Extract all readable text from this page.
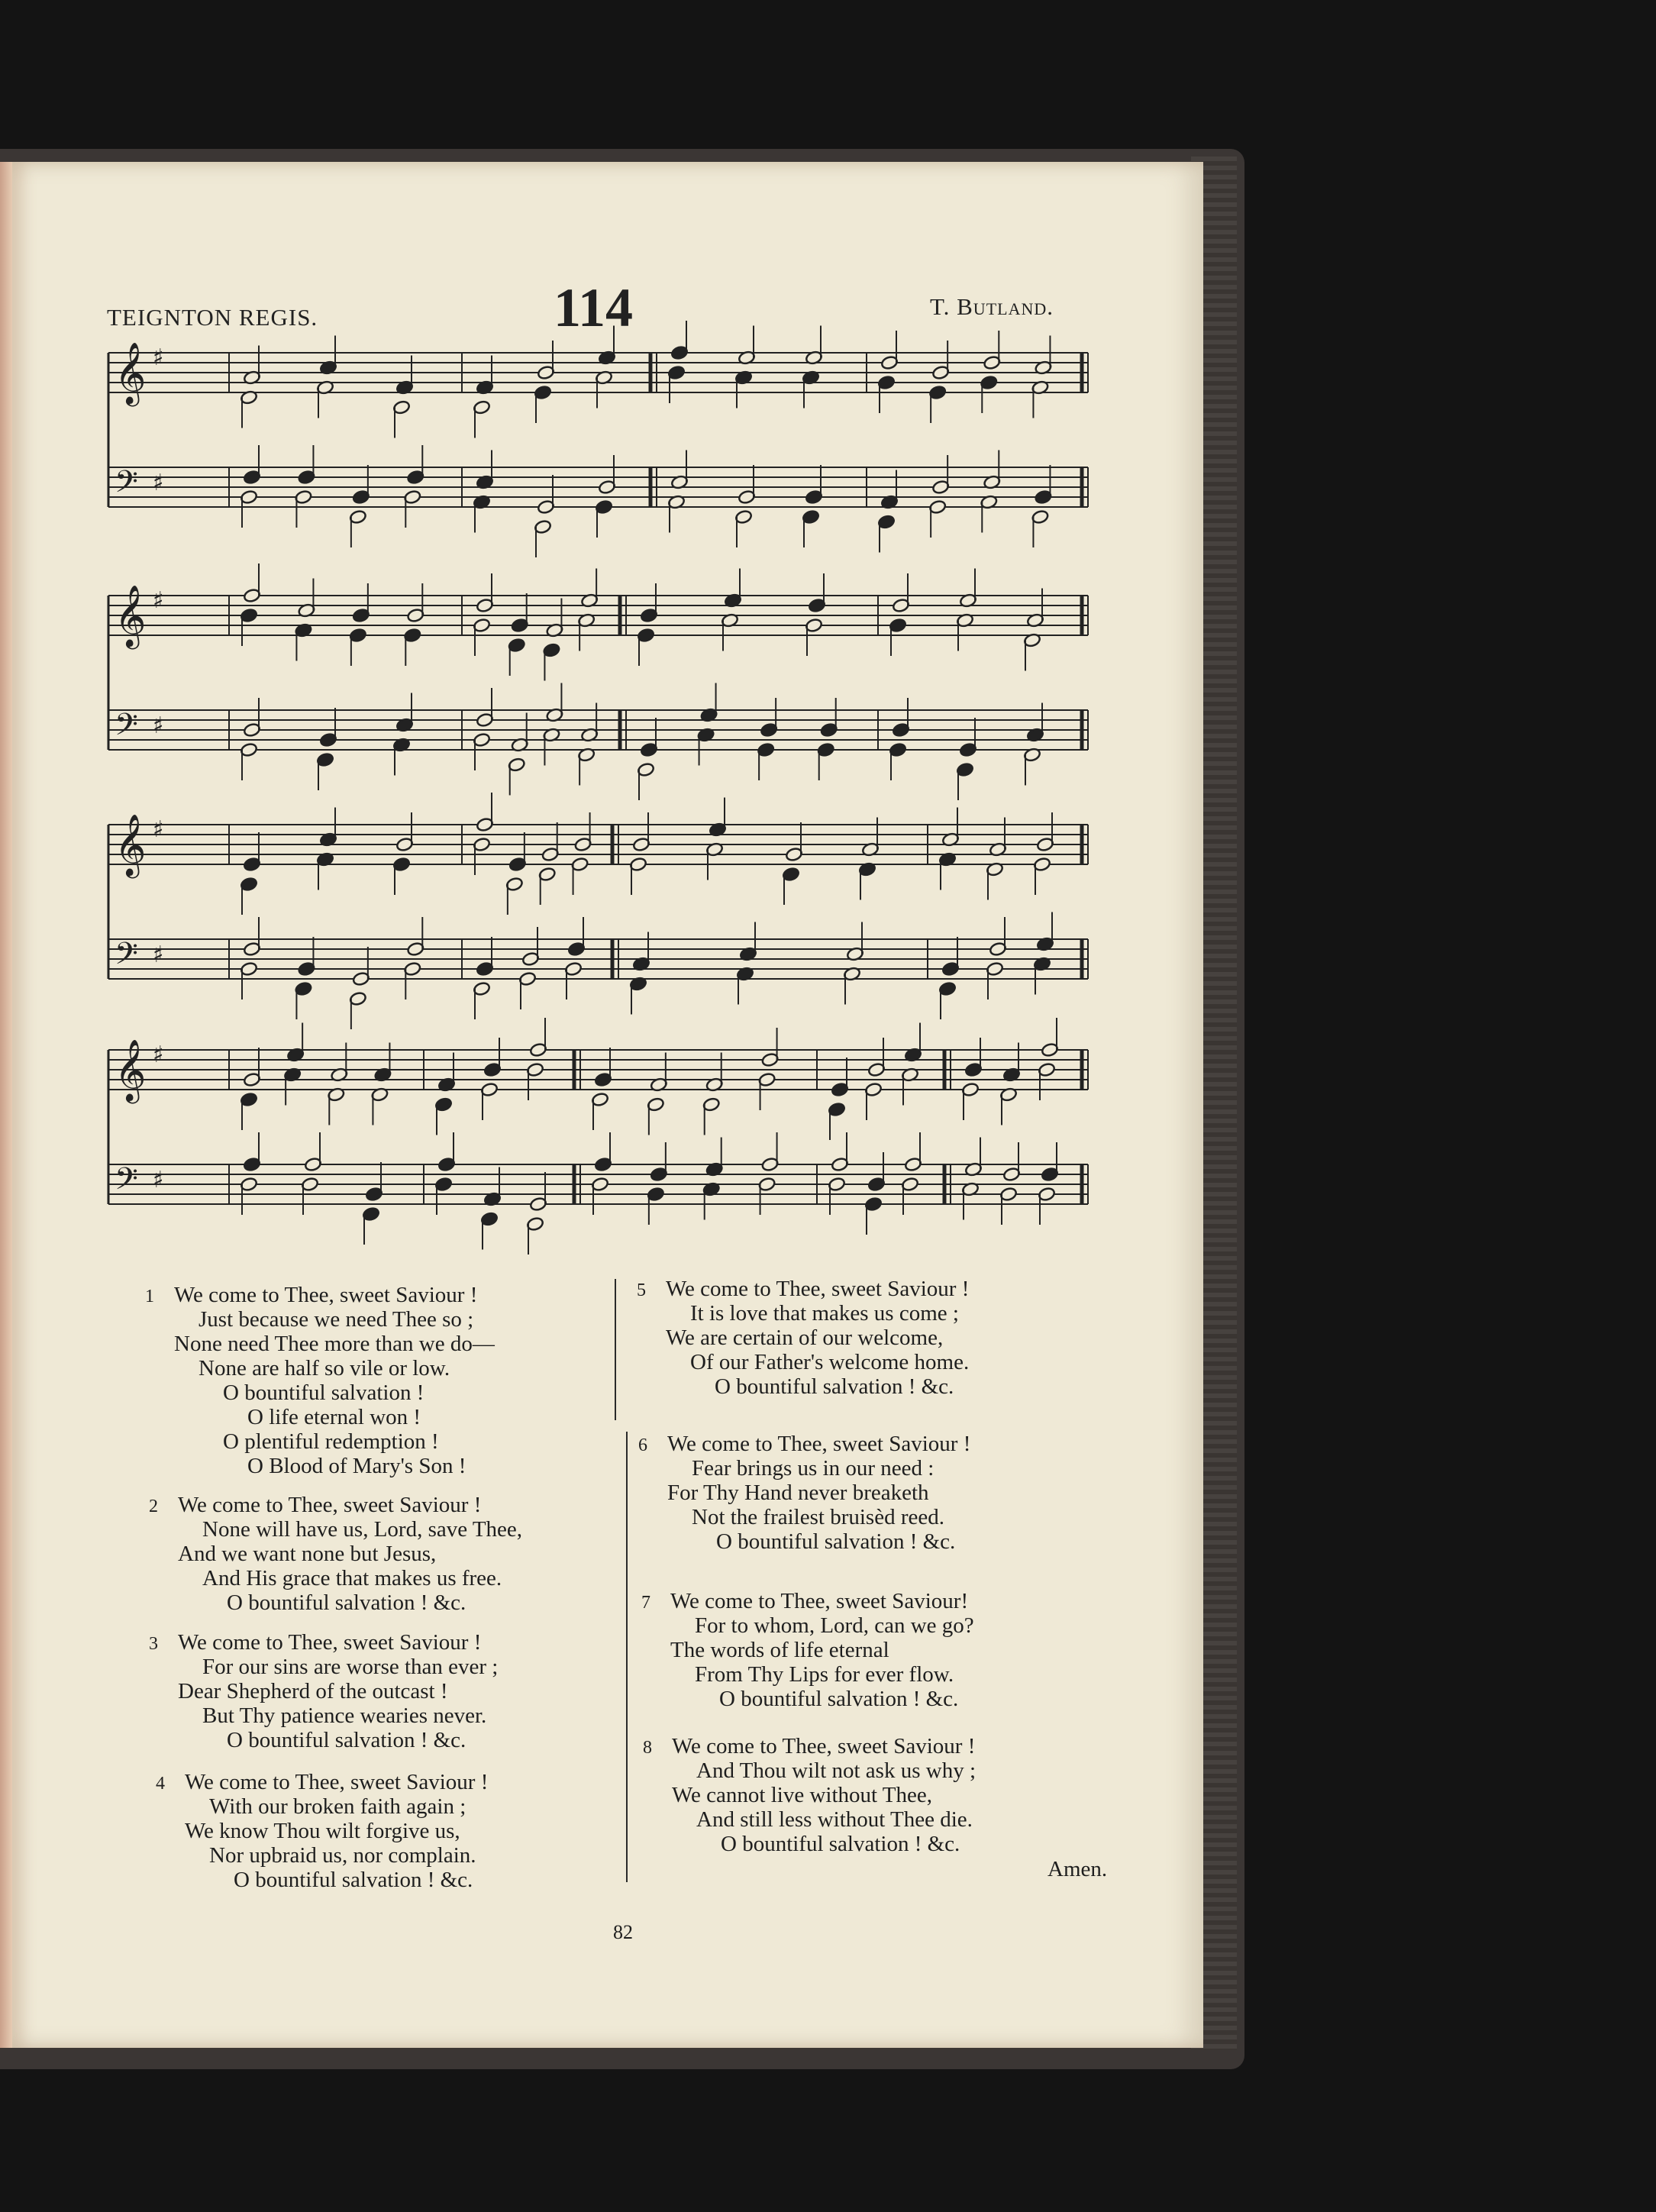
TEIGNTON REGIS.	114	T. Butland.
𝄞 ♯
𝄢 ♯
𝄞 ♯
𝄢 ♯
𝄞 ♯
𝄢 ♯
𝄞 ♯
𝄢 ♯
1 We come to Thee, sweet Saviour !
Just because we need Thee so ;
None need Thee more than we do—
None are half so vile or low.
O bountiful salvation !
O life eternal won !
O plentiful redemption !
O Blood of Mary's Son !
2 We come to Thee, sweet Saviour !
None will have us, Lord, save Thee,
And we want none but Jesus,
And His grace that makes us free.
O bountiful salvation ! &c.
3 We come to Thee, sweet Saviour !
For our sins are worse than ever ;
Dear Shepherd of the outcast !
But Thy patience wearies never.
O bountiful salvation ! &c.
4 We come to Thee, sweet Saviour !
With our broken faith again ;
We know Thou wilt forgive us,
Nor upbraid us, nor complain.
O bountiful salvation ! &c.
5 We come to Thee, sweet Saviour !
It is love that makes us come ;
We are certain of our welcome,
Of our Father's welcome home.
O bountiful salvation ! &c.
6 We come to Thee, sweet Saviour !
Fear brings us in our need :
For Thy Hand never breaketh
Not the frailest bruisèd reed.
O bountiful salvation ! &c.
7 We come to Thee, sweet Saviour!
For to whom, Lord, can we go?
The words of life eternal
From Thy Lips for ever flow.
O bountiful salvation ! &c.
8 We come to Thee, sweet Saviour !
And Thou wilt not ask us why ;
We cannot live without Thee,
And still less without Thee die.
O bountiful salvation ! &c.
Amen.
82
